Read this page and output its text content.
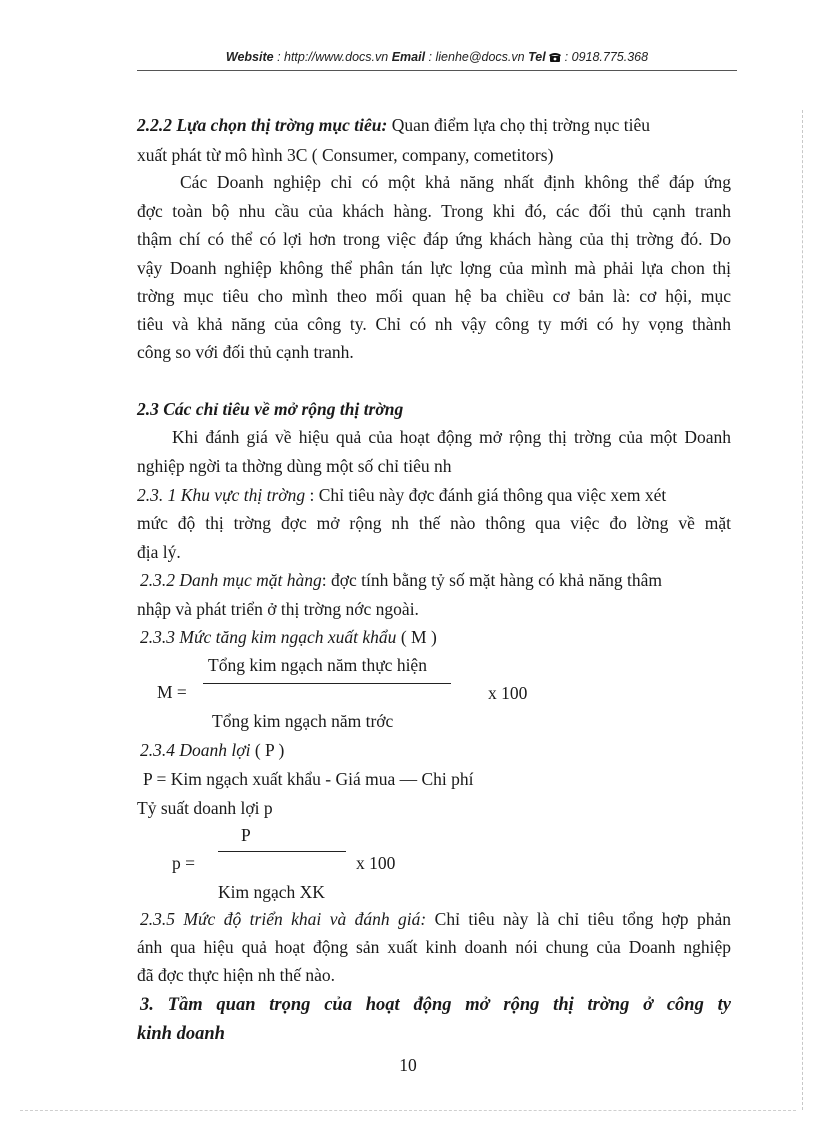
Website : http://www.docs.vn Email : lienhe@docs.vn Tel  : 0918.775.368
2.2.2 Lựa chọn thị trờng mục tiêu: Quan điểm lựa chọ thị trờng nục tiêu
xuất phát từ mô hình 3C ( Consumer, company, cometitors)
Các Doanh nghiệp chỉ có một khả năng nhất định không thể đáp ứng
đợc toàn bộ nhu cầu của khách hàng. Trong khi đó, các đối thủ cạnh tranh
thậm chí có thể có lợi hơn trong việc đáp ứng khách hàng của thị trờng đó. Do
vậy Doanh nghiệp không thể phân tán lực lợng của mình mà phải lựa chon thị
trờng mục tiêu cho mình theo mối quan hệ ba chiều cơ bản là: cơ hội, mục
tiêu và khả năng của công ty. Chỉ có nh vậy công ty mới có hy vọng thành
công so với đối thủ cạnh tranh.
2.3 Các chỉ tiêu về mở rộng thị trờng
Khi đánh giá về hiệu quả của hoạt động mở rộng thị trờng của một Doanh
nghiệp ngời ta thờng dùng một số chỉ tiêu nh
2.3. 1 Khu vực thị trờng : Chỉ tiêu này đợc đánh giá thông qua việc xem xét
mức độ thị trờng đợc mở rộng nh thế nào thông qua việc đo lờng về mặt
địa lý.
2.3.2 Danh mục mặt hàng: đợc tính bằng tỷ số mặt hàng có khả năng thâm
nhập và phát triển ở thị trờng nớc ngoài.
2.3.3 Mức tăng kim ngạch xuất khẩu ( M )
Tổng kim ngạch năm thực hiện
M =	x 100
Tổng kim ngạch năm trớc
2.3.4 Doanh lợi ( P )
P = Kim ngạch xuất khẩu - Giá mua — Chi phí
Tỷ suất doanh lợi p
P
p =	x 100
Kim ngạch XK
2.3.5 Mức độ triển khai và đánh giá: Chỉ tiêu này là chỉ tiêu tổng hợp phản
ánh qua hiệu quả hoạt động sản xuất kinh doanh nói chung của Doanh nghiệp
đã đợc thực hiện nh thế nào.
3. Tầm quan trọng của hoạt động mở rộng thị trờng ở công ty
kinh doanh
10
